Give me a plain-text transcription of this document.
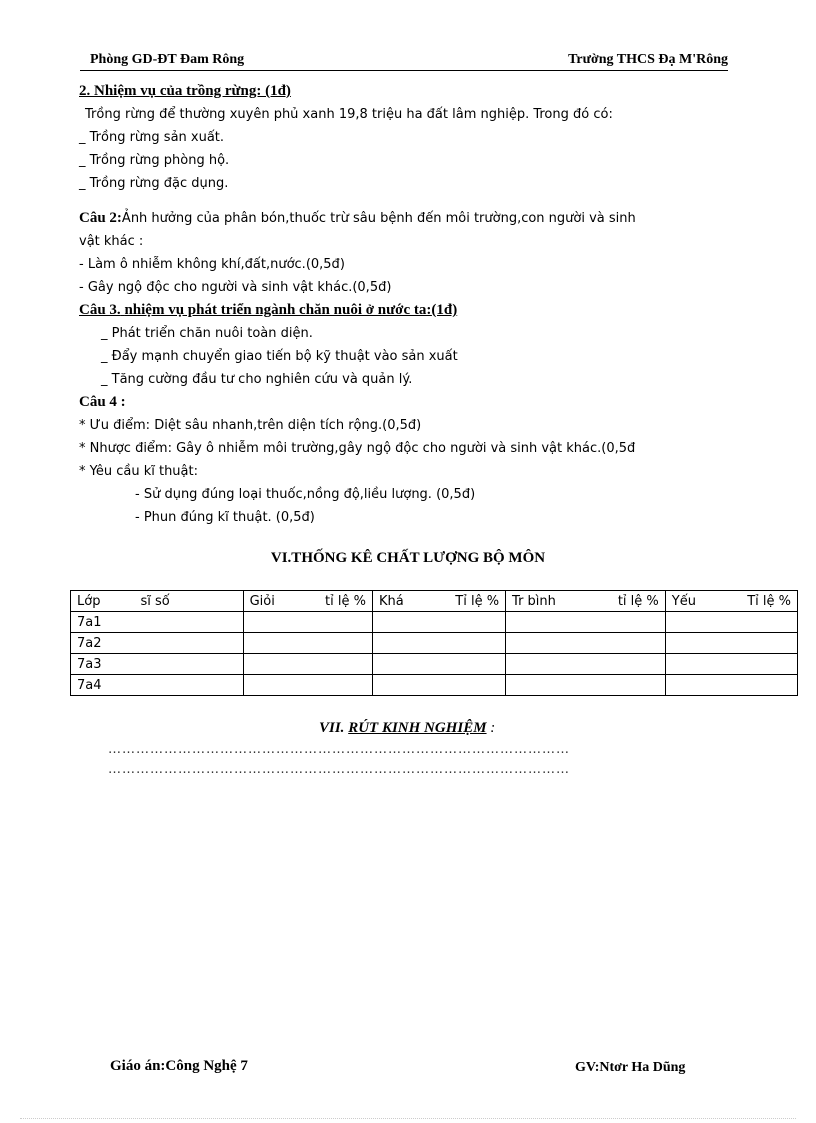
Phòng GD-ĐT Đam Rông	Trường THCS Đạ M'Rông
2. Nhiệm vụ của trồng rừng: (1đ)
Trồng rừng để thường xuyên phủ xanh 19,8 triệu ha đất lâm nghiệp. Trong đó có:
_ Trồng rừng sản xuất.
_ Trồng rừng phòng hộ.
_ Trồng rừng đặc dụng.
Câu 2:Ảnh hưởng của phân bón,thuốc trừ sâu bệnh đến môi trường,con người và sinh
vật khác :
- Làm ô nhiễm không khí,đất,nước.(0,5đ)
- Gây ngộ độc cho người và sinh vật khác.(0,5đ)
Câu 3. nhiệm vụ phát triển ngành chăn nuôi ở nước ta:(1đ)
_ Phát triển chăn nuôi toàn diện.
_ Đẩy mạnh chuyển giao tiến bộ kỹ thuật vào sản xuất
_ Tăng cường đầu tư cho nghiên cứu và quản lý.
Câu 4 :
* Ưu điểm: Diệt sâu nhanh,trên diện tích rộng.(0,5đ)
* Nhược điểm: Gây ô nhiễm môi trường,gây ngộ độc cho người và sinh vật khác.(0,5đ
* Yêu cầu kĩ thuật:
- Sử dụng đúng loại thuốc,nồng độ,liều lượng. (0,5đ)
- Phun đúng kĩ thuật. (0,5đ)
VI.THỐNG KÊ CHẤT LƯỢNG BỘ MÔN
Lớp sĩ số	Giỏi tỉ lệ %	Khá Tỉ lệ %	Tr bình tỉ lệ %	Yếu Tỉ lệ %

7a1				
7a2				
7a3				
7a4				
VII. RÚT KINH NGHIỆM :
………………………………………………………………………………………
………………………………………………………………………………………
Giáo án:Công Nghệ 7	GV:Ntơr Ha Dũng
